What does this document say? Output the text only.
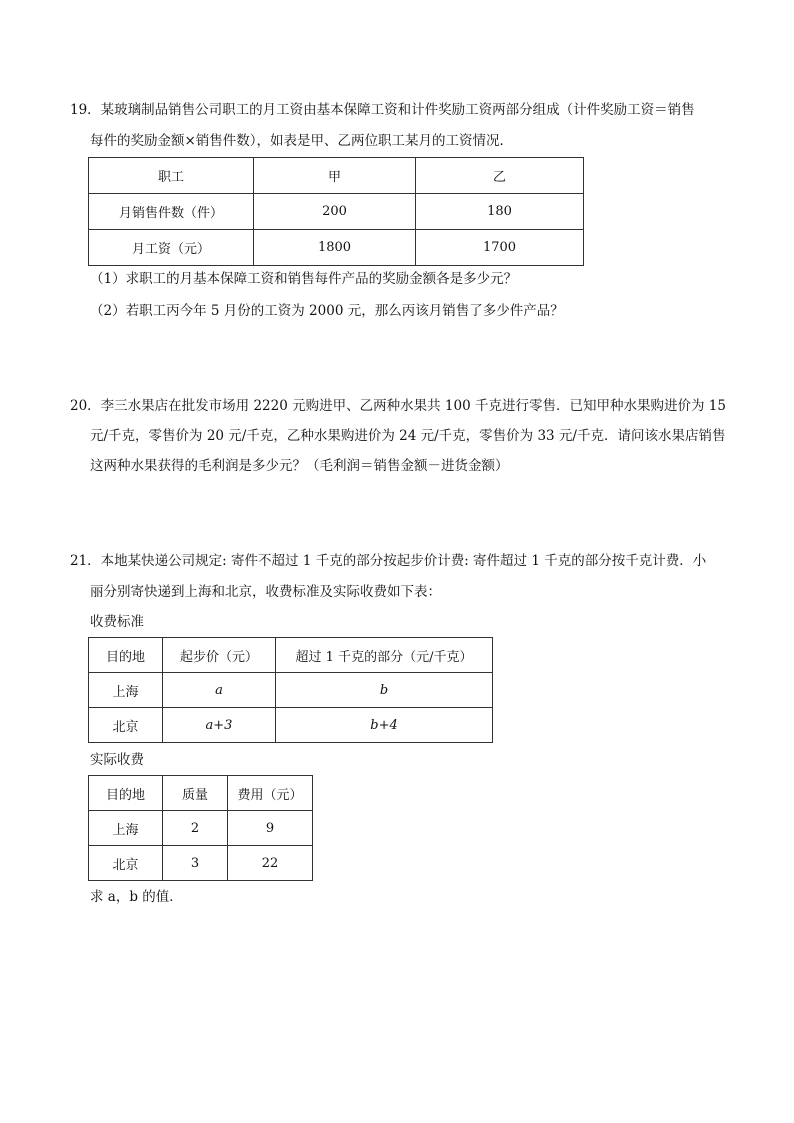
19．某玻璃制品销售公司职工的月工资由基本保障工资和计件奖励工资两部分组成（计件奖励工资＝销售
每件的奖励金额×销售件数），如表是甲、乙两位职工某月的工资情况．
职工	甲	乙
月销售件数（件）	200	180
月工资（元）	1800	1700
（1）求职工的月基本保障工资和销售每件产品的奖励金额各是多少元？
（2）若职工丙今年 5 月份的工资为 2000 元，那么丙该月销售了多少件产品？
20．李三水果店在批发市场用 2220 元购进甲、乙两种水果共 100 千克进行零售．已知甲种水果购进价为 15
元/千克，零售价为 20 元/千克，乙种水果购进价为 24 元/千克，零售价为 33 元/千克．请问该水果店销售
这两种水果获得的毛利润是多少元？（毛利润＝销售金额－进货金额）
21．本地某快递公司规定: 寄件不超过 1 千克的部分按起步价计费: 寄件超过 1 千克的部分按千克计费．小
丽分别寄快递到上海和北京，收费标准及实际收费如下表：
收费标准
目的地	起步价（元）	超过 1 千克的部分（元/千克）
上海	a	b
北京	a+3	b+4
实际收费
目的地	质量	费用（元）
上海	2	9
北京	3	22
求 a，b 的值．
